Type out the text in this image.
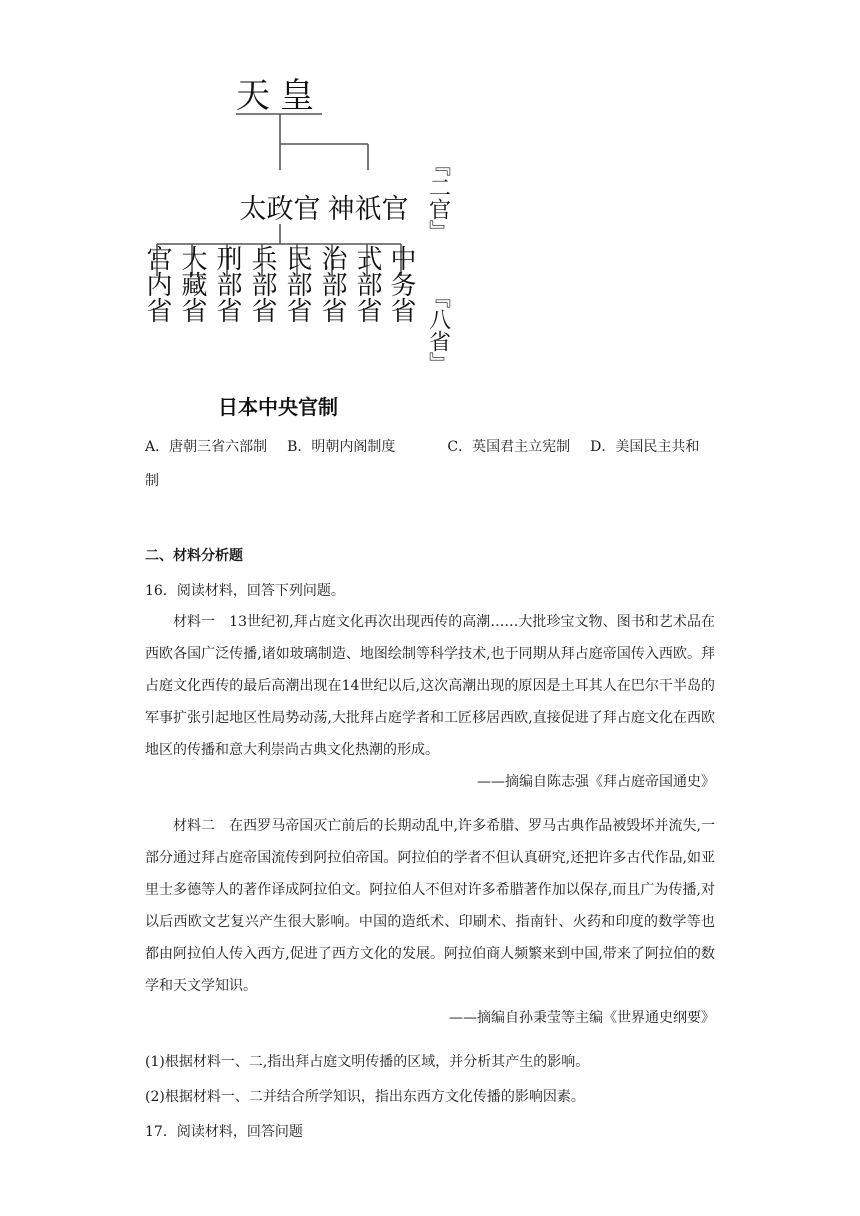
天皇
太政官 神祇官 『二官』
宫内省 大藏省 刑部省 兵部省 民部省 治部省 式部省 中务省
『八省』
日本中央官制
A．唐朝三省六部制 B．明朝内阁制度	C．英国君主立宪制 D．美国民主共和
制
二、材料分析题
16．阅读材料，回答下列问题。

材料一　13世纪初,拜占庭文化再次出现西传的高潮……大批珍宝文物、图书和艺术品在西欧各国广泛传播,诸如玻璃制造、地图绘制等科学技术,也于同期从拜占庭帝国传入西欧。拜占庭文化西传的最后高潮出现在14世纪以后,这次高潮出现的原因是土耳其人在巴尔干半岛的军事扩张引起地区性局势动荡,大批拜占庭学者和工匠移居西欧,直接促进了拜占庭文化在西欧地区的传播和意大利崇尚古典文化热潮的形成。

——摘编自陈志强《拜占庭帝国通史》

材料二　在西罗马帝国灭亡前后的长期动乱中,许多希腊、罗马古典作品被毁坏并流失,一部分通过拜占庭帝国流传到阿拉伯帝国。阿拉伯的学者不但认真研究,还把许多古代作品,如亚里士多德等人的著作译成阿拉伯文。阿拉伯人不但对许多希腊著作加以保存,而且广为传播,对以后西欧文艺复兴产生很大影响。中国的造纸术、印刷术、指南针、火药和印度的数学等也都由阿拉伯人传入西方,促进了西方文化的发展。阿拉伯商人频繁来到中国,带来了阿拉伯的数学和天文学知识。

——摘编自孙秉莹等主编《世界通史纲要》
(1)根据材料一、二,指出拜占庭文明传播的区域，并分析其产生的影响。
(2)根据材料一、二并结合所学知识，指出东西方文化传播的影响因素。
17．阅读材料，回答问题
